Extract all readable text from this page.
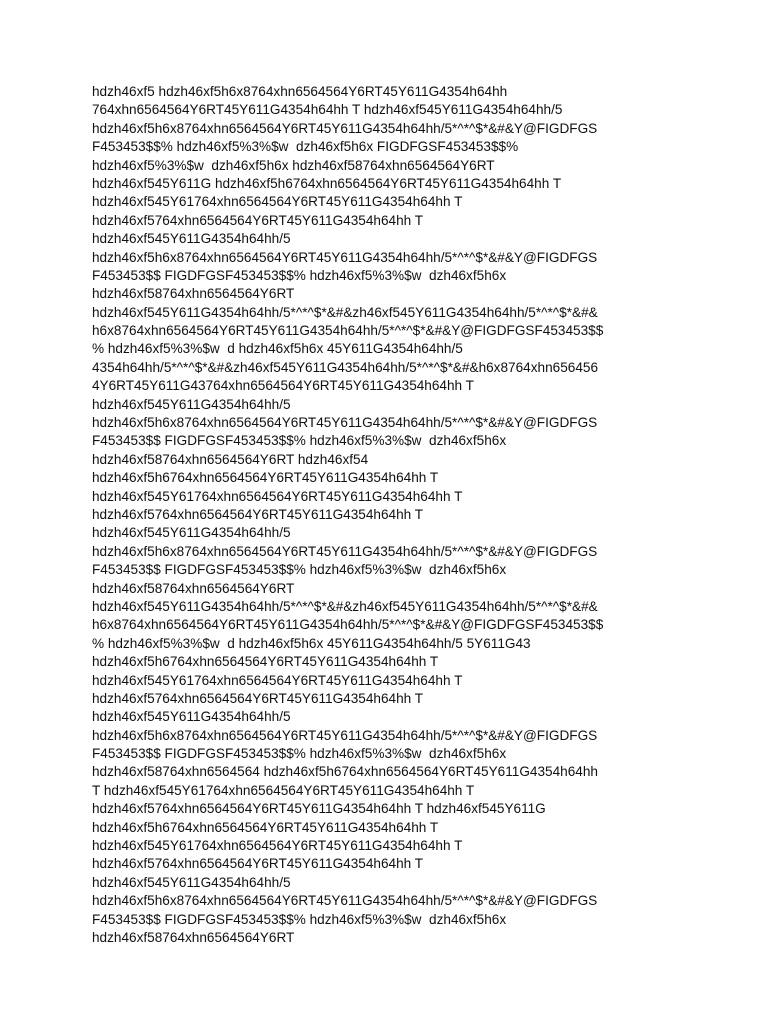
hdzh46xf5 hdzh46xf5h6x8764xhn6564564Y6RT45Y611G4354h64hh
764xhn6564564Y6RT45Y611G4354h64hh T hdzh46xf545Y611G4354h64hh/5
hdzh46xf5h6x8764xhn6564564Y6RT45Y611G4354h64hh/5*^*^$*&#&Y@FIGDFGS
F453453$$% hdzh46xf5%3%$w  dzh46xf5h6x FIGDFGSF453453$$%
hdzh46xf5%3%$w  dzh46xf5h6x hdzh46xf58764xhn6564564Y6RT
hdzh46xf545Y611G hdzh46xf5h6764xhn6564564Y6RT45Y611G4354h64hh T
hdzh46xf545Y61764xhn6564564Y6RT45Y611G4354h64hh T
hdzh46xf5764xhn6564564Y6RT45Y611G4354h64hh T
hdzh46xf545Y611G4354h64hh/5
hdzh46xf5h6x8764xhn6564564Y6RT45Y611G4354h64hh/5*^*^$*&#&Y@FIGDFGS
F453453$$ FIGDFGSF453453$$% hdzh46xf5%3%$w  dzh46xf5h6x
hdzh46xf58764xhn6564564Y6RT
hdzh46xf545Y611G4354h64hh/5*^*^$*&#&zh46xf545Y611G4354h64hh/5*^*^$*&#&
h6x8764xhn6564564Y6RT45Y611G4354h64hh/5*^*^$*&#&Y@FIGDFGSF453453$$
% hdzh46xf5%3%$w  d hdzh46xf5h6x 45Y611G4354h64hh/5
4354h64hh/5*^*^$*&#&zh46xf545Y611G4354h64hh/5*^*^$*&#&h6x8764xhn656456
4Y6RT45Y611G43764xhn6564564Y6RT45Y611G4354h64hh T
hdzh46xf545Y611G4354h64hh/5
hdzh46xf5h6x8764xhn6564564Y6RT45Y611G4354h64hh/5*^*^$*&#&Y@FIGDFGS
F453453$$ FIGDFGSF453453$$% hdzh46xf5%3%$w  dzh46xf5h6x
hdzh46xf58764xhn6564564Y6RT hdzh46xf54
hdzh46xf5h6764xhn6564564Y6RT45Y611G4354h64hh T
hdzh46xf545Y61764xhn6564564Y6RT45Y611G4354h64hh T
hdzh46xf5764xhn6564564Y6RT45Y611G4354h64hh T
hdzh46xf545Y611G4354h64hh/5
hdzh46xf5h6x8764xhn6564564Y6RT45Y611G4354h64hh/5*^*^$*&#&Y@FIGDFGS
F453453$$ FIGDFGSF453453$$% hdzh46xf5%3%$w  dzh46xf5h6x
hdzh46xf58764xhn6564564Y6RT
hdzh46xf545Y611G4354h64hh/5*^*^$*&#&zh46xf545Y611G4354h64hh/5*^*^$*&#&
h6x8764xhn6564564Y6RT45Y611G4354h64hh/5*^*^$*&#&Y@FIGDFGSF453453$$
% hdzh46xf5%3%$w  d hdzh46xf5h6x 45Y611G4354h64hh/5 5Y611G43
hdzh46xf5h6764xhn6564564Y6RT45Y611G4354h64hh T
hdzh46xf545Y61764xhn6564564Y6RT45Y611G4354h64hh T
hdzh46xf5764xhn6564564Y6RT45Y611G4354h64hh T
hdzh46xf545Y611G4354h64hh/5
hdzh46xf5h6x8764xhn6564564Y6RT45Y611G4354h64hh/5*^*^$*&#&Y@FIGDFGS
F453453$$ FIGDFGSF453453$$% hdzh46xf5%3%$w  dzh46xf5h6x
hdzh46xf58764xhn6564564 hdzh46xf5h6764xhn6564564Y6RT45Y611G4354h64hh
T hdzh46xf545Y61764xhn6564564Y6RT45Y611G4354h64hh T
hdzh46xf5764xhn6564564Y6RT45Y611G4354h64hh T hdzh46xf545Y611G
hdzh46xf5h6764xhn6564564Y6RT45Y611G4354h64hh T
hdzh46xf545Y61764xhn6564564Y6RT45Y611G4354h64hh T
hdzh46xf5764xhn6564564Y6RT45Y611G4354h64hh T
hdzh46xf545Y611G4354h64hh/5
hdzh46xf5h6x8764xhn6564564Y6RT45Y611G4354h64hh/5*^*^$*&#&Y@FIGDFGS
F453453$$ FIGDFGSF453453$$% hdzh46xf5%3%$w  dzh46xf5h6x
hdzh46xf58764xhn6564564Y6RT
